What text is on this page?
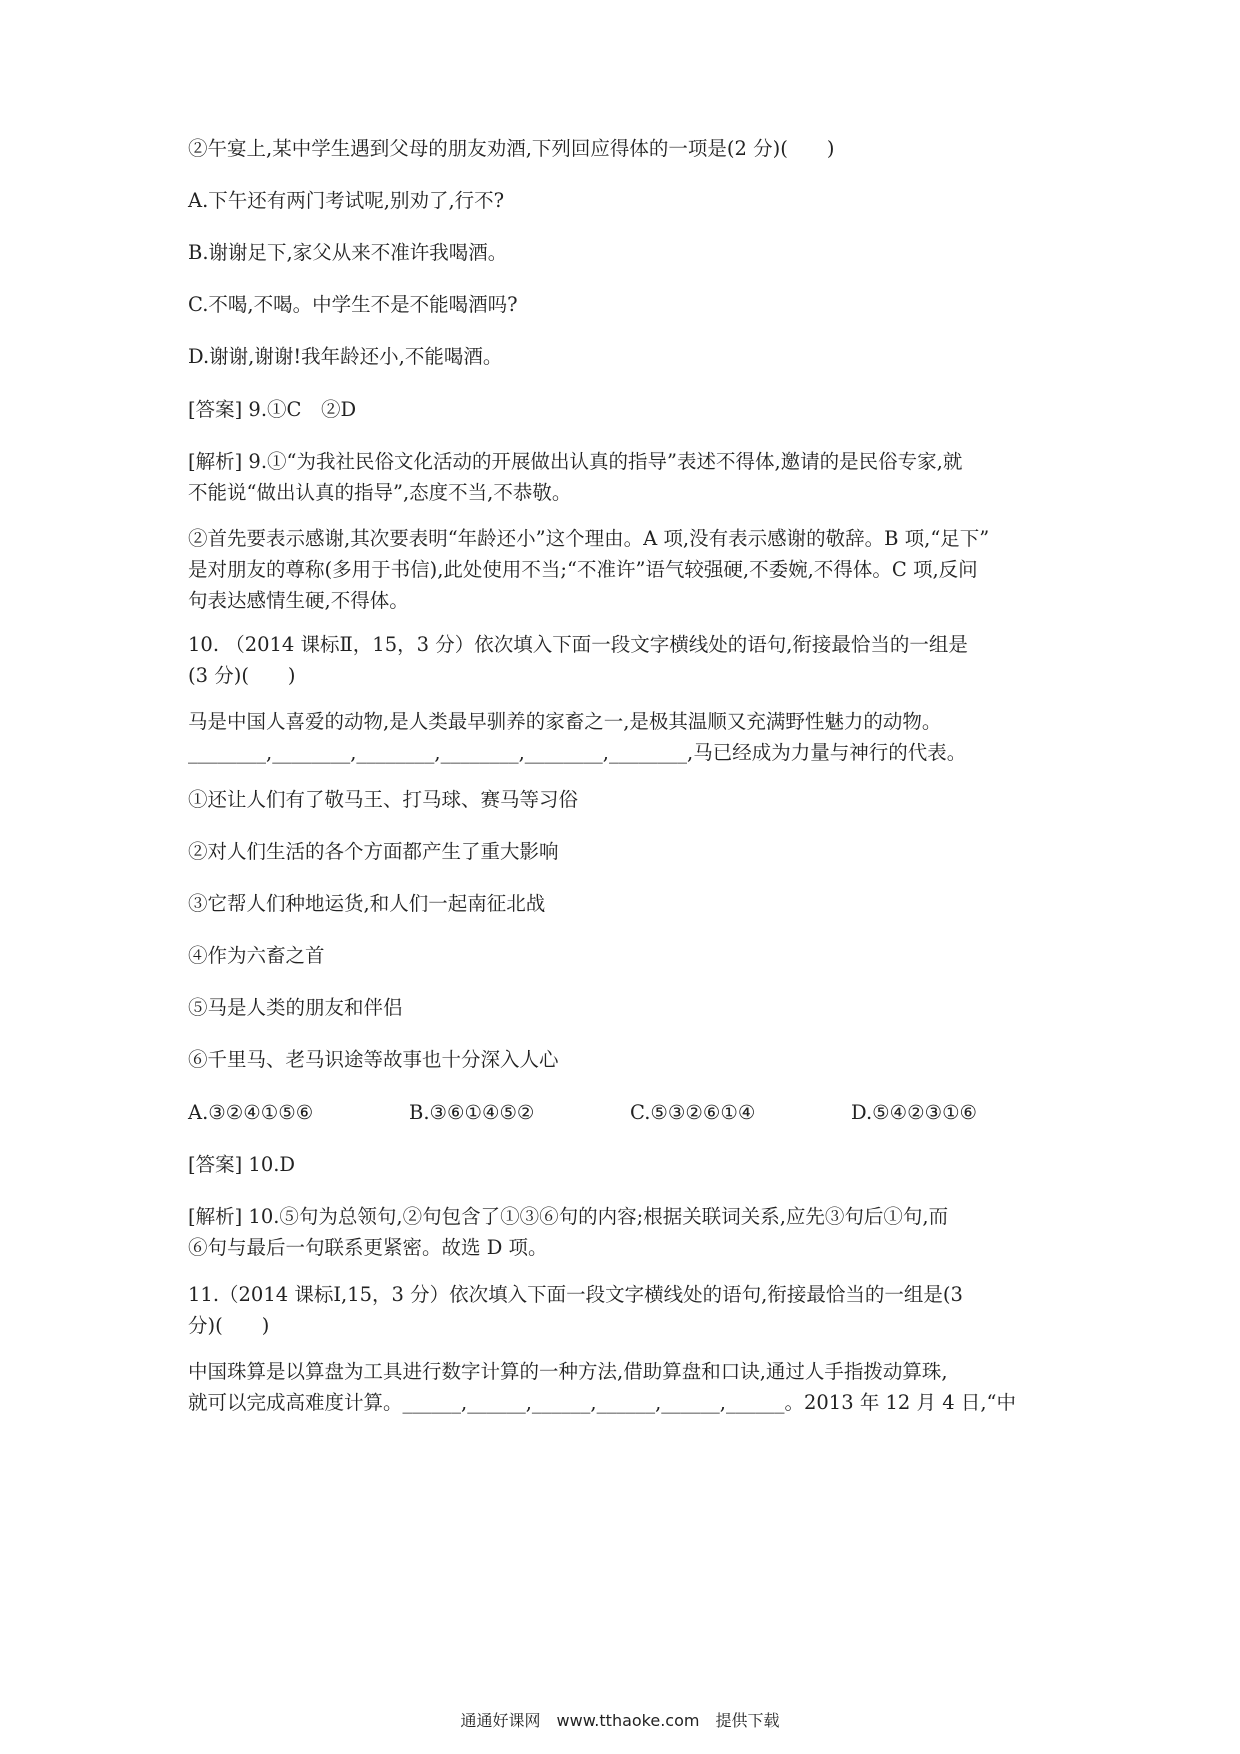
②午宴上,某中学生遇到父母的朋友劝酒,下列回应得体的一项是(2 分)(　　)

A.下午还有两门考试呢,别劝了,行不?

B.谢谢足下,家父从来不准许我喝酒。

C.不喝,不喝。中学生不是不能喝酒吗?

D.谢谢,谢谢!我年龄还小,不能喝酒。

[答案] 9.①C　②D

[解析] 9.①“为我社民俗文化活动的开展做出认真的指导”表述不得体,邀请的是民俗专家,就
不能说“做出认真的指导”,态度不当,不恭敬。
②首先要表示感谢,其次要表明“年龄还小”这个理由。A 项,没有表示感谢的敬辞。B 项,“足下”
是对朋友的尊称(多用于书信),此处使用不当;“不准许”语气较强硬,不委婉,不得体。C 项,反问
句表达感情生硬,不得体。
10. （2014 课标Ⅱ，15，3 分）依次填入下面一段文字横线处的语句,衔接最恰当的一组是
(3 分)(　　)
马是中国人喜爱的动物,是人类最早驯养的家畜之一,是极其温顺又充满野性魅力的动物。
________,________,________,________,________,________,马已经成为力量与神行的代表。

①还让人们有了敬马王、打马球、赛马等习俗

②对人们生活的各个方面都产生了重大影响

③它帮人们种地运货,和人们一起南征北战

④作为六畜之首

⑤马是人类的朋友和伴侣

⑥千里马、老马识途等故事也十分深入人心

A.③②④①⑤⑥	B.③⑥①④⑤②	C.⑤③②⑥①④	D.⑤④②③①⑥

[答案] 10.D

[解析] 10.⑤句为总领句,②句包含了①③⑥句的内容;根据关联词关系,应先③句后①句,而
⑥句与最后一句联系更紧密。故选 D 项。
11.（2014 课标Ⅰ,15，3 分）依次填入下面一段文字横线处的语句,衔接最恰当的一组是(3
分)(　　)
中国珠算是以算盘为工具进行数字计算的一种方法,借助算盘和口诀,通过人手指拨动算珠,
就可以完成高难度计算。______,______,______,______,______,______。2013 年 12 月 4 日,“中
通通好课网　www.tthaoke.com　提供下载
